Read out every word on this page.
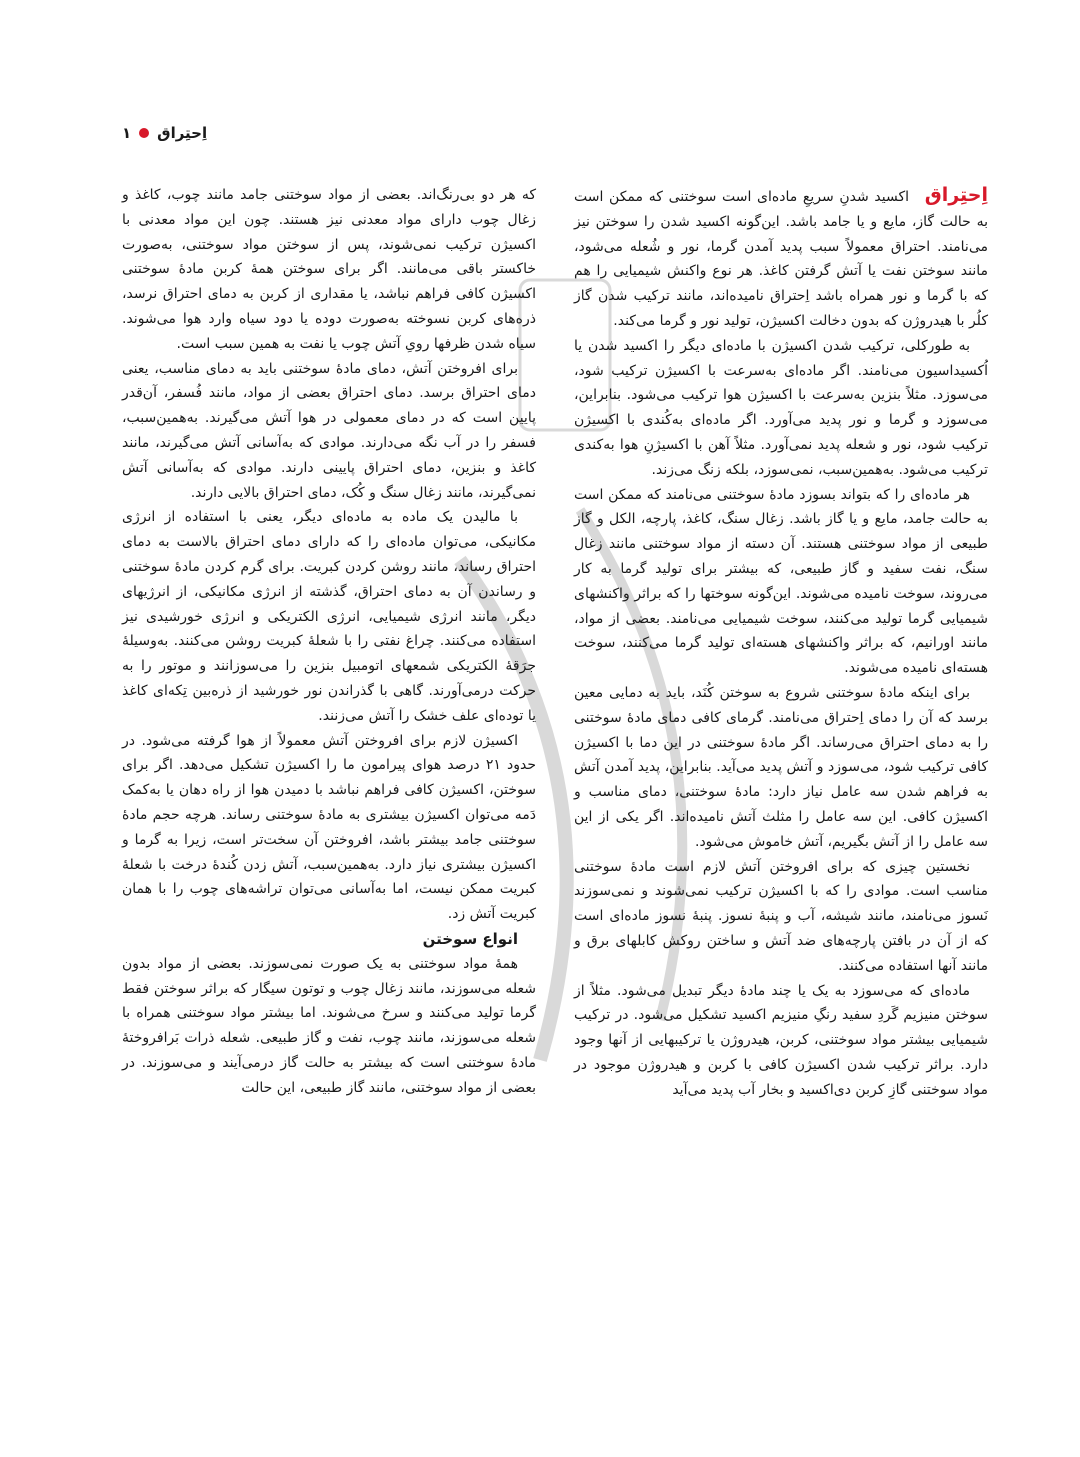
اِحتِراق
۱

اِحتِراق اکسید شدنِ سریعِ ماده‌ای است سوختنی که ممکن است به حالت گاز، مایع و یا جامد باشد. این‌گونه اکسید شدن را سوختن نیز می‌نامند. احتراق معمولاً سبب پدید آمدن گرما، نور و شُعله می‌شود، مانند سوختن نفت یا آتش گرفتن کاغذ. هر نوع واکنش شیمیایی را هم که با گرما و نور همراه باشد اِحتراق نامیده‌اند، مانند ترکیب شدن گاز کلُر با هیدروژن که بدون دخالت اکسیژن، تولید نور و گرما می‌کند.

به طورکلی، ترکیب شدن اکسیژن با ماده‌ای دیگر را اکسید شدن یا اُکسیداسیون می‌نامند. اگر ماده‌ای به‌سرعت با اکسیژن ترکیب شود، می‌سوزد. مثلاً بنزین به‌سرعت با اکسیژن هوا ترکیب می‌شود. بنابراین، می‌سوزد و گرما و نور پدید می‌آورد. اگر ماده‌ای به‌کُندی با اکسیژن ترکیب شود، نور و شعله پدید نمی‌آورد. مثلاً آهن با اکسیژنِ هوا به‌کندی ترکیب می‌شود. به‌همین‌سبب، نمی‌سوزد، بلکه زنگ می‌زند.

هر ماده‌ای را که بتواند بسوزد مادهٔ سوختنی می‌نامند که ممکن است به حالت جامد، مایع و یا گاز باشد. زغال سنگ، کاغذ، پارچه، الکل و گاز طبیعی از مواد سوختنی هستند. آن دسته از مواد سوختنی مانند زغال سنگ، نفت سفید و گاز طبیعی، که بیشتر برای تولید گرما به کار می‌روند، سوخت نامیده می‌شوند. این‌گونه سوختها را که براثر واکنشهای شیمیایی گرما تولید می‌کنند، سوخت شیمیایی می‌نامند. بعضی از مواد، مانند اورانیم، که براثر واکنشهای هسته‌ای تولید گرما می‌کنند، سوخت هسته‌ای نامیده می‌شوند.

برای اینکه مادهٔ سوختنی شروع به سوختن کُنَد، باید به دمایی معین برسد که آن را دمای اِحتراق می‌نامند. گرمای کافی دمای مادهٔ سوختنی را به دمای احتراق می‌رساند. اگر مادهٔ سوختنی در این دما با اکسیژن کافی ترکیب شود، می‌سوزد و آتش پدید می‌آید. بنابراین، پدید آمدن آتش به فراهم شدن سه عامل نیاز دارد: مادهٔ سوختنی، دمای مناسب و اکسیژن کافی. این سه عامل را مثلث آتش نامیده‌اند. اگر یکی از این سه عامل را از آتش بگیریم، آتش خاموش می‌شود.

نخستین چیزی که برای افروختن آتش لازم است مادهٔ سوختنی مناسب است. موادی را که با اکسیژن ترکیب نمی‌شوند و نمی‌سوزند نَسوز می‌نامند، مانند شیشه، آب و پنبهٔ نسوز. پنبهٔ نسوز ماده‌ای است که از آن در بافتن پارچه‌های ضد آتش و ساختن روکش کابلهای برق و مانند آنها استفاده می‌کنند.

ماده‌ای که می‌سوزد به یک یا چند مادهٔ دیگر تبدیل می‌شود. مثلاً از سوختن منیزیم گَردِ سفید رنگِ منیزیم اکسید تشکیل می‌شود. در ترکیب شیمیایی بیشتر مواد سوختنی، کربن، هیدروژن یا ترکیبهایی از آنها وجود دارد. براثر ترکیب شدن اکسیژن کافی با کربن و هیدروژن موجود در مواد سوختنی گازِ کربن دی‌اکسید و بخار آب پدید می‌آید

که هر دو بی‌رنگ‌اند. بعضی از مواد سوختنی جامد مانند چوب، کاغذ و زغال چوب دارای مواد معدنی نیز هستند. چون این مواد معدنی با اکسیژن ترکیب نمی‌شوند، پس از سوختن مواد سوختنی، به‌صورت خاکستر باقی می‌مانند. اگر برای سوختن همهٔ کربن مادهٔ سوختنی اکسیژن کافی فراهم نباشد، یا مقداری از کربن به دمای احتراق نرسد، ذره‌های کربن نسوخته به‌صورت دوده یا دود سیاه وارد هوا می‌شوند. سیاه شدن ظرفها رویِ آتش چوب یا نفت به همین سبب است.

برای افروختن آتش، دمای مادهٔ سوختنی باید به دمای مناسب، یعنی دمای احتراق برسد. دمای احتراق بعضی از مواد، مانند فُسفر، آن‌قدر پایین است که در دمای معمولی در هوا آتش می‌گیرند. به‌همین‌سبب، فسفر را در آب نگه می‌دارند. موادی که به‌آسانی آتش می‌گیرند، مانند کاغذ و بنزین، دمای احتراق پایینی دارند. موادی که به‌آسانی آتش نمی‌گیرند، مانند زغال سنگ و کُک، دمای احتراق بالایی دارند.

با مالیدن یک ماده به ماده‌ای دیگر، یعنی با استفاده از انرژی مکانیکی، می‌توان ماده‌ای را که دارای دمای احتراق بالاست به دمای احتراق رساند، مانند روشن کردن کبریت. برای گرم کردن مادهٔ سوختنی و رساندن آن به دمای احتراق، گذشته از انرژی مکانیکی، از انرژیهای دیگر، مانند انرژی شیمیایی، انرژی الکتریکی و انرژی خورشیدی نیز استفاده می‌کنند. چراغ نفتی را با شعلهٔ کبریت روشن می‌کنند. به‌وسیلهٔ جرَقهٔ الکتریکی شمعهای اتومبیل بنزین را می‌سوزانند و موتور را به حرکت درمی‌آورند. گاهی با گذراندن نور خورشید از ذره‌بین تِکه‌ای کاغذ یا توده‌ای علف خشک را آتش می‌زنند.

اکسیژن لازم برای افروختن آتش معمولاً از هوا گرفته می‌شود. در حدود ۲۱ درصد هوای پیرامون ما را اکسیژن تشکیل می‌دهد. اگر برای سوختن، اکسیژن کافی فراهم نباشد با دمیدن هوا از راه دهان یا به‌کمک دَمه می‌توان اکسیژن بیشتری به مادهٔ سوختنی رساند. هرچه حجم مادهٔ سوختنی جامد بیشتر باشد، افروختن آن سخت‌تر است، زیرا به گرما و اکسیژن بیشتری نیاز دارد. به‌همین‌سبب، آتش زدن کُندهٔ درخت با شعلهٔ کبریت ممکن نیست، اما به‌آسانی می‌توان تراشه‌های چوب را با همان کبریت آتش زد.

انواع سوختن

همهٔ مواد سوختنی به یک صورت نمی‌سوزند. بعضی از مواد بدون شعله می‌سوزند، مانند زغال چوب و توتون سیگار که براثر سوختن فقط گرما تولید می‌کنند و سرخ می‌شوند. اما بیشتر مواد سوختنی همراه با شعله می‌سوزند، مانند چوب، نفت و گاز طبیعی. شعله ذرات بَرافروختهٔ مادهٔ سوختنی است که بیشتر به حالت گاز درمی‌آیند و می‌سوزند. در بعضی از مواد سوختنی، مانند گاز طبیعی، این حالت
